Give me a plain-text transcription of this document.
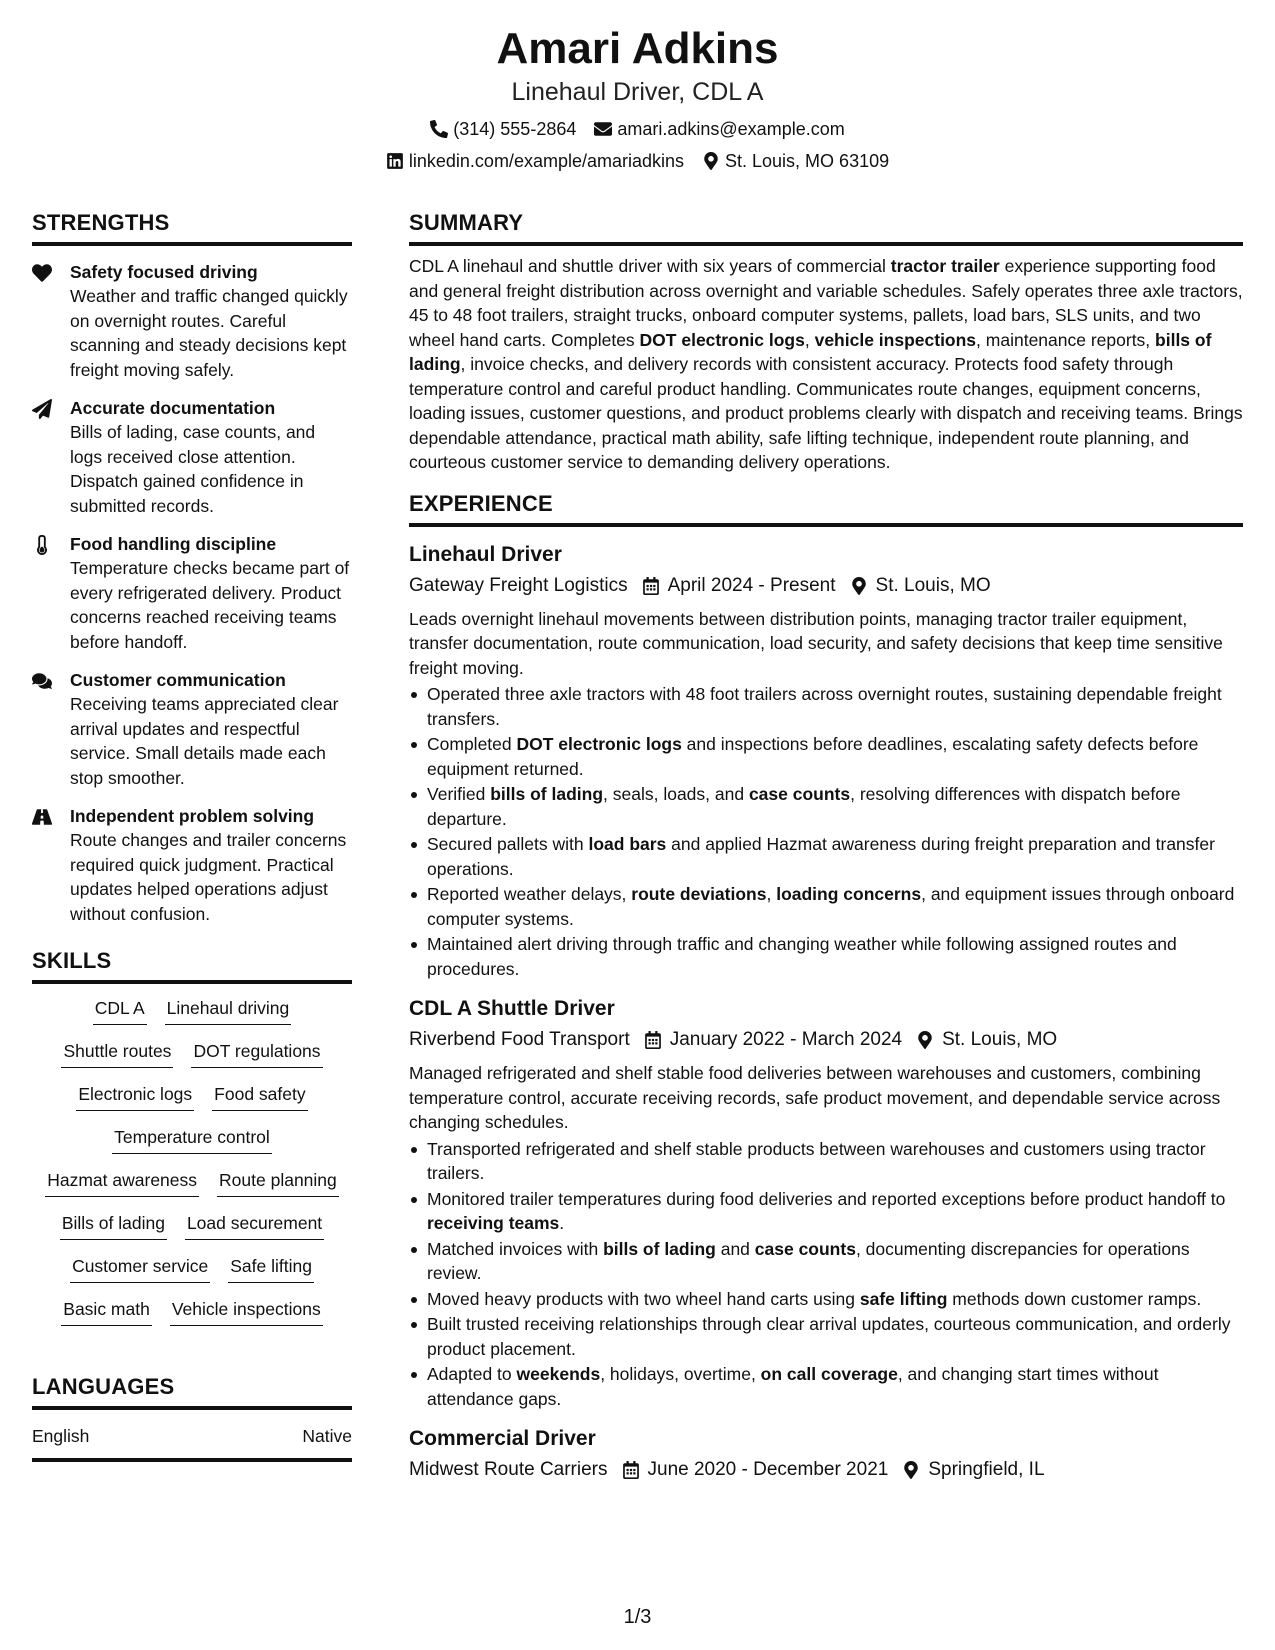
Amari Adkins
Linehaul Driver, CDL A
(314) 555-2864 amari.adkins@example.com
linkedin.com/example/amariadkins St. Louis, MO 63109
STRENGTHS
Safety focused driving
Weather and traffic changed quickly on overnight routes. Careful scanning and steady decisions kept freight moving safely.
Accurate documentation
Bills of lading, case counts, and logs received close attention. Dispatch gained confidence in submitted records.
Food handling discipline
Temperature checks became part of every refrigerated delivery. Product concerns reached receiving teams before handoff.
Customer communication
Receiving teams appreciated clear arrival updates and respectful service. Small details made each stop smoother.
Independent problem solving
Route changes and trailer concerns required quick judgment. Practical updates helped operations adjust without confusion.
SKILLS
CDL A Linehaul driving
Shuttle routes DOT regulations
Electronic logs Food safety
Temperature control
Hazmat awareness Route planning
Bills of lading Load securement
Customer service Safe lifting
Basic math Vehicle inspections
LANGUAGES
English	Native
SUMMARY

CDL A linehaul and shuttle driver with six years of commercial tractor trailer experience supporting food and general freight distribution across overnight and variable schedules. Safely operates three axle tractors, 45 to 48 foot trailers, straight trucks, onboard computer systems, pallets, load bars, SLS units, and two wheel hand carts. Completes DOT electronic logs, vehicle inspections, maintenance reports, bills of lading, invoice checks, and delivery records with consistent accuracy. Protects food safety through temperature control and careful product handling. Communicates route changes, equipment concerns, loading issues, customer questions, and product problems clearly with dispatch and receiving teams. Brings dependable attendance, practical math ability, safe lifting technique, independent route planning, and courteous customer service to demanding delivery operations.

EXPERIENCE
Linehaul Driver
Gateway Freight Logistics April 2024 - Present St. Louis, MO
Leads overnight linehaul movements between distribution points, managing tractor trailer equipment, transfer documentation, route communication, load security, and safety decisions that keep time sensitive freight moving.
Operated three axle tractors with 48 foot trailers across overnight routes, sustaining dependable freight transfers.
Completed DOT electronic logs and inspections before deadlines, escalating safety defects before equipment returned.
Verified bills of lading, seals, loads, and case counts, resolving differences with dispatch before departure.
Secured pallets with load bars and applied Hazmat awareness during freight preparation and transfer operations.
Reported weather delays, route deviations, loading concerns, and equipment issues through onboard computer systems.
Maintained alert driving through traffic and changing weather while following assigned routes and procedures.
CDL A Shuttle Driver
Riverbend Food Transport January 2022 - March 2024 St. Louis, MO
Managed refrigerated and shelf stable food deliveries between warehouses and customers, combining temperature control, accurate receiving records, safe product movement, and dependable service across changing schedules.
Transported refrigerated and shelf stable products between warehouses and customers using tractor trailers.
Monitored trailer temperatures during food deliveries and reported exceptions before product handoff to receiving teams.
Matched invoices with bills of lading and case counts, documenting discrepancies for operations review.
Moved heavy products with two wheel hand carts using safe lifting methods down customer ramps.
Built trusted receiving relationships through clear arrival updates, courteous communication, and orderly product placement.
Adapted to weekends, holidays, overtime, on call coverage, and changing start times without attendance gaps.
Commercial Driver
Midwest Route Carriers June 2020 - December 2021 Springfield, IL
1/3
